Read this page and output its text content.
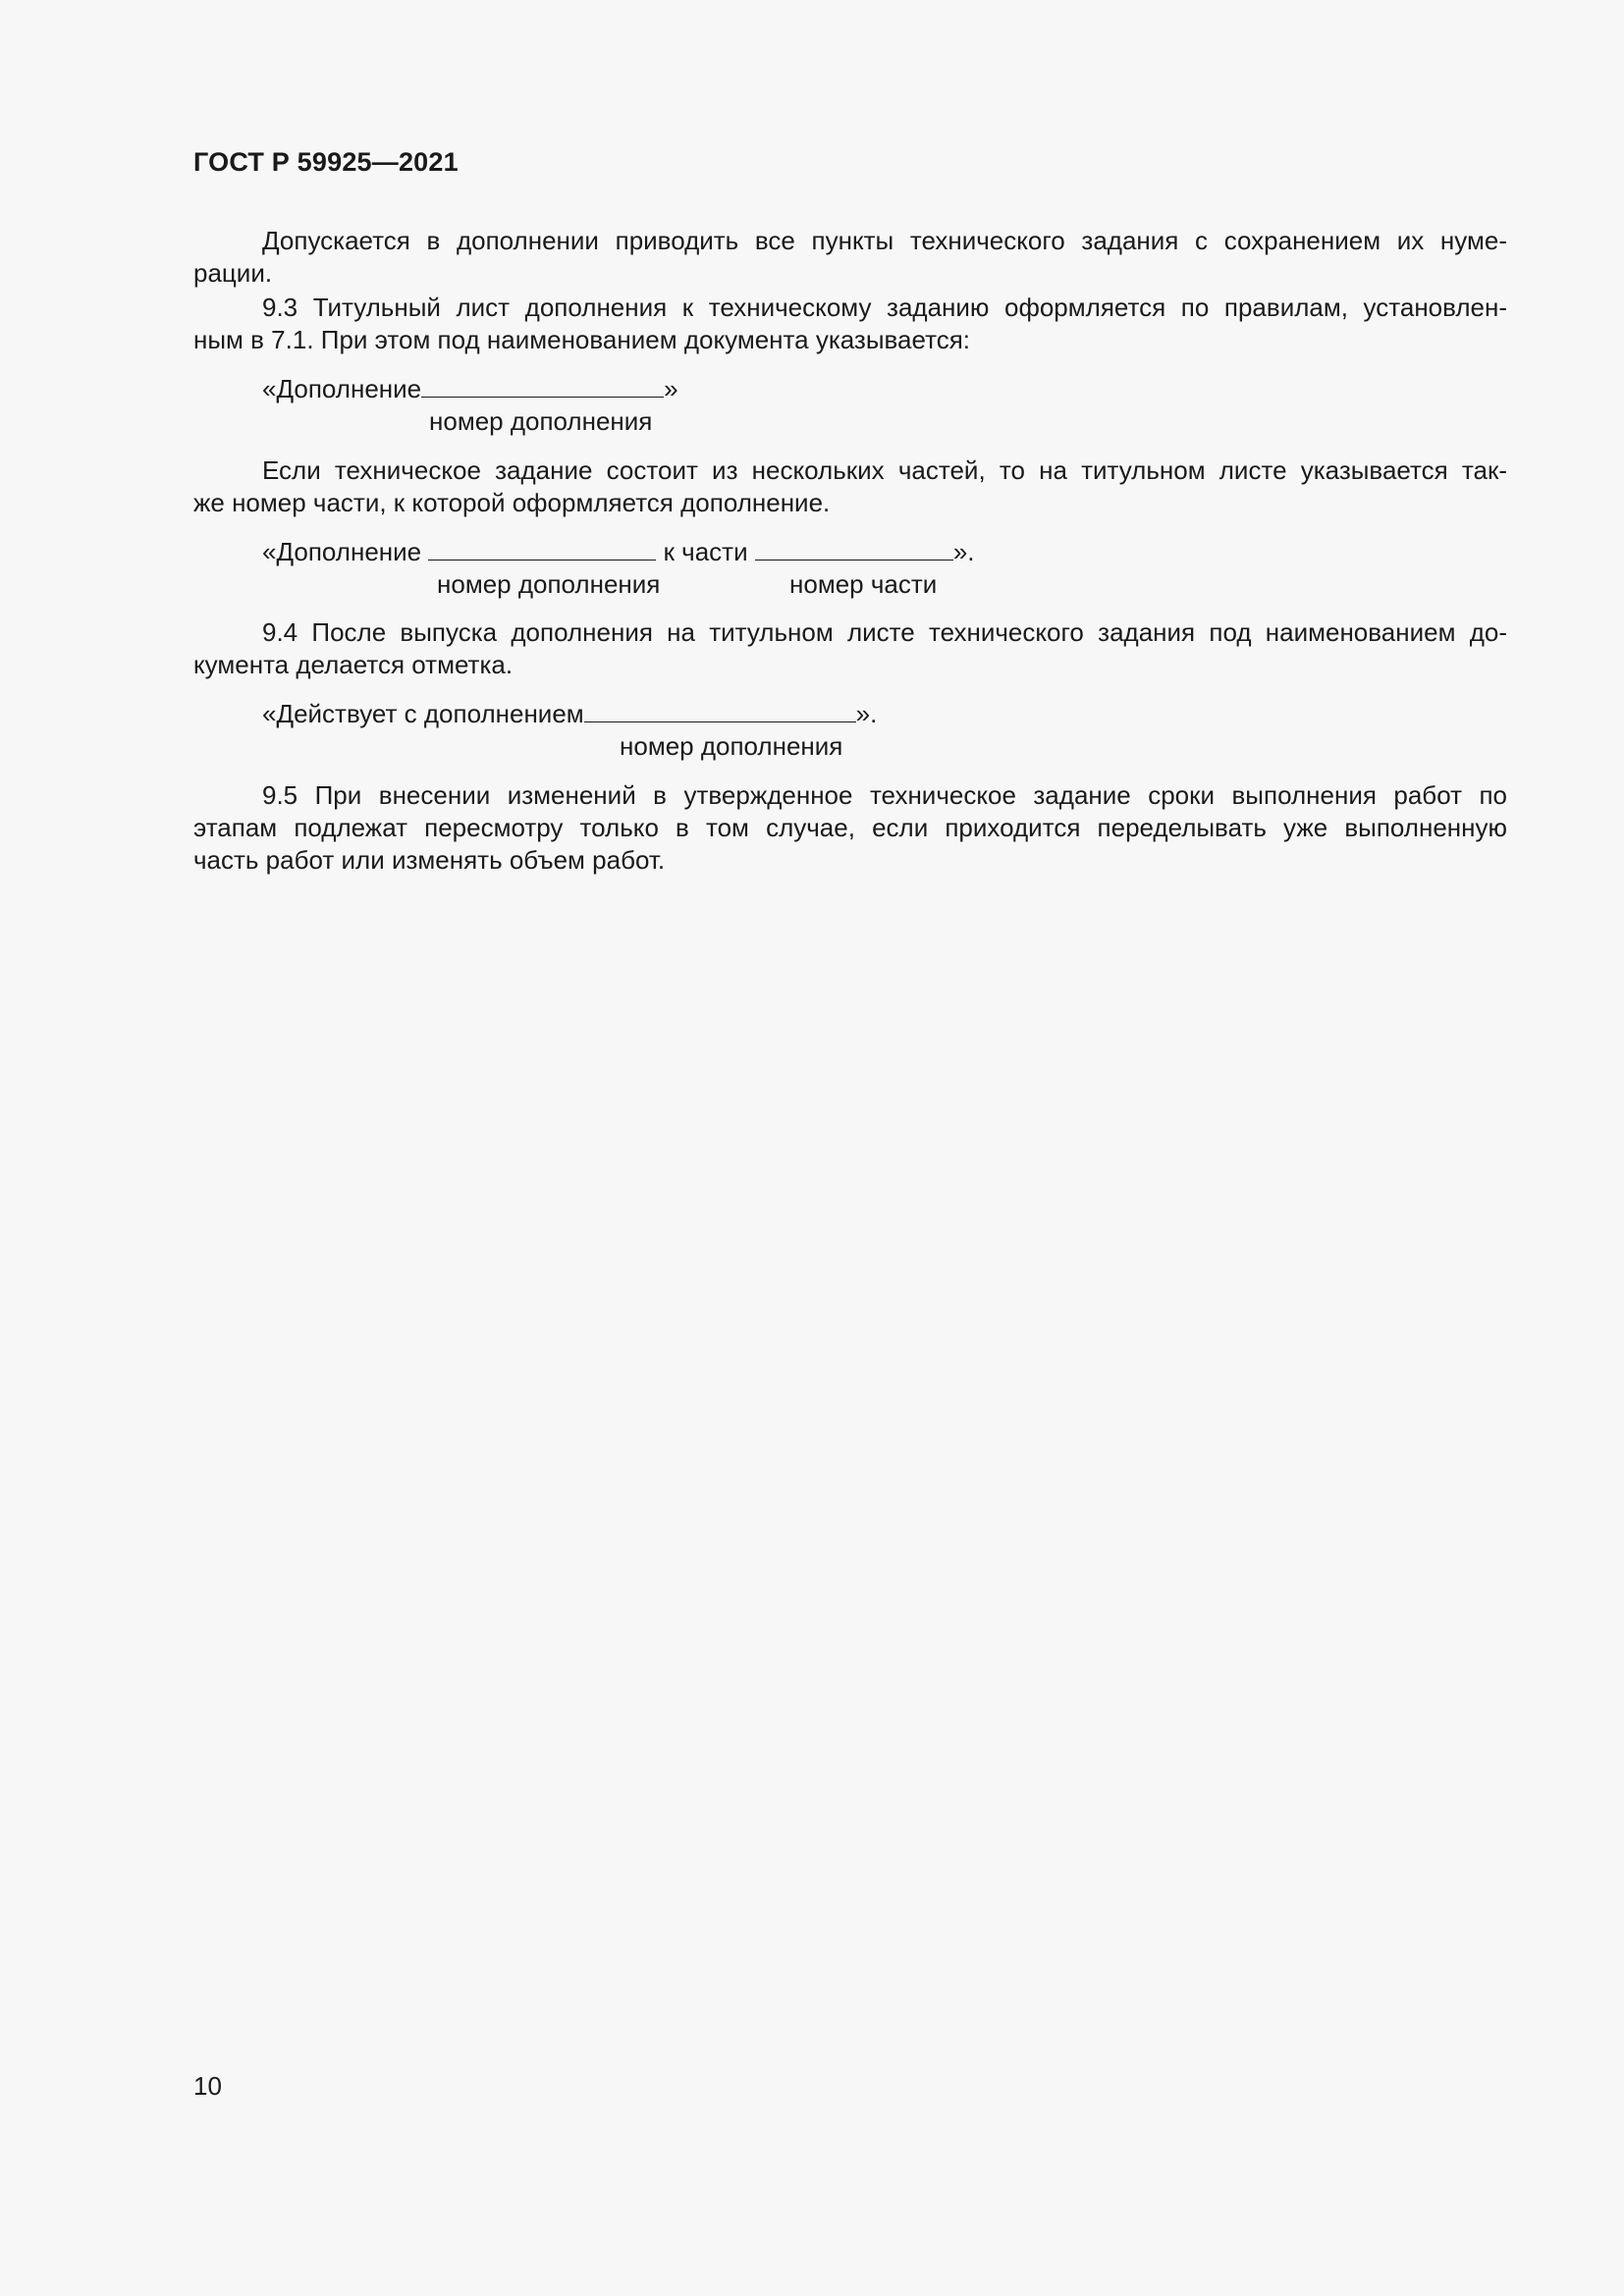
ГОСТ Р 59925—2021
Допускается в дополнении приводить все пункты технического задания с сохранением их нуме-
рации.
9.3 Титульный лист дополнения к техническому заданию оформляется по правилам, установлен-
ным в 7.1. При этом под наименованием документа указывается:
«Дополнение	»
номер дополнения
Если техническое задание состоит из нескольких частей, то на титульном листе указывается так-
же номер части, к которой оформляется дополнение.
«Дополнение	к части	».
номер дополнения	номер части
9.4 После выпуска дополнения на титульном листе технического задания под наименованием до-
кумента делается отметка.
«Действует с дополнением	».
номер дополнения
9.5 При внесении изменений в утвержденное техническое задание сроки выполнения работ по
этапам подлежат пересмотру только в том случае, если приходится переделывать уже выполненную
часть работ или изменять объем работ.
10
